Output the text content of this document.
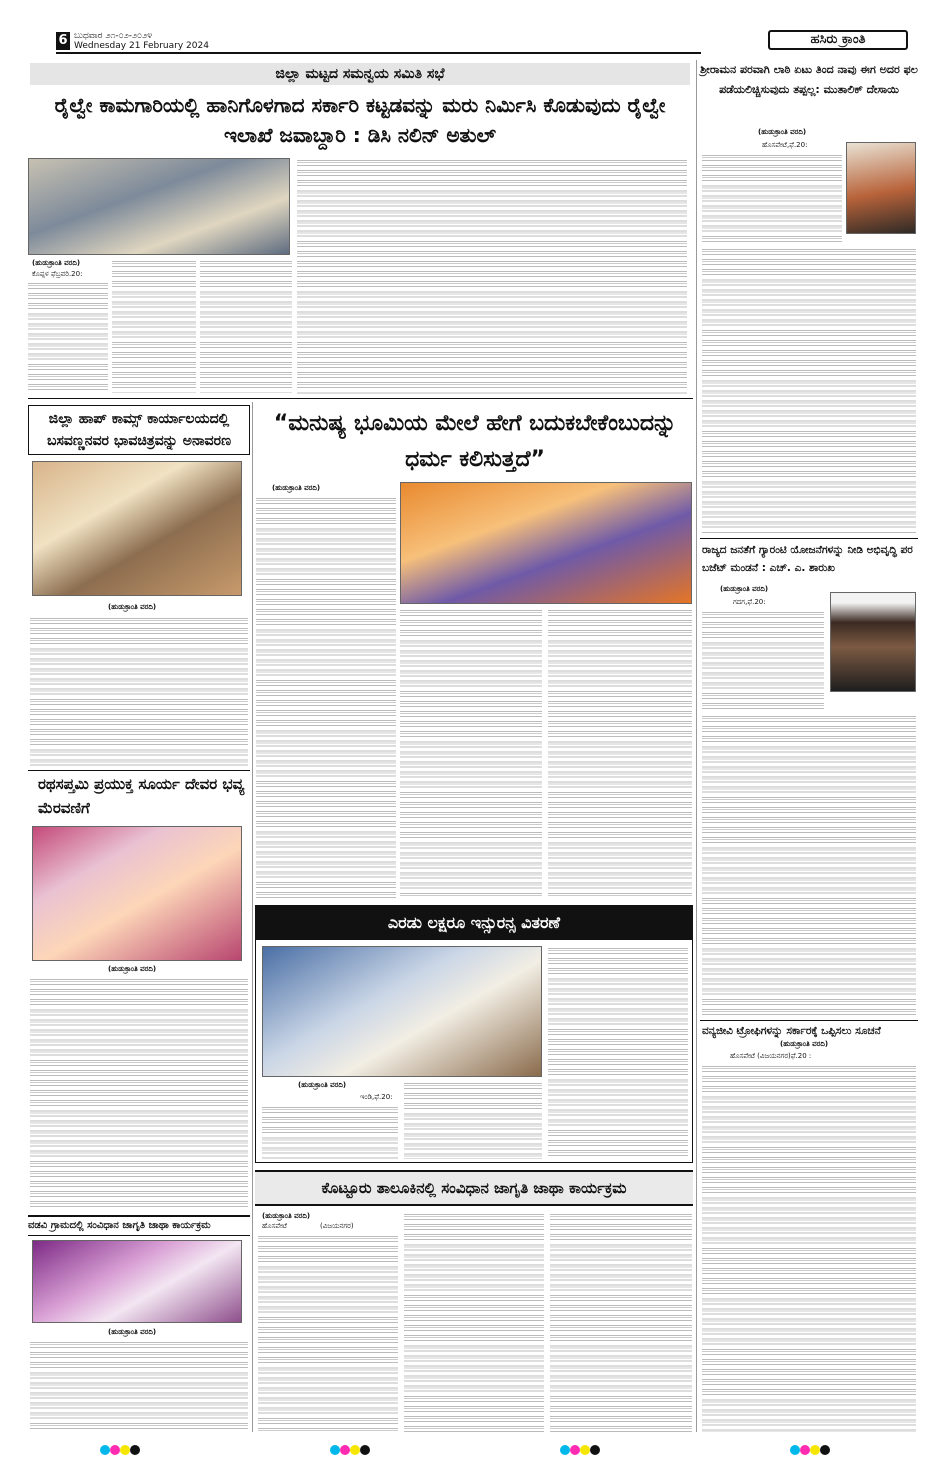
6 ಬುಧವಾರ ೨೧-೦೨-೨೦೨೪
Wednesday 21 February 2024	ಹಸಿರು ಕ್ರಾಂತಿ
ಜಿಲ್ಲಾ ಮಟ್ಟದ ಸಮನ್ವಯ ಸಮಿತಿ ಸಭೆ
ರೈಲ್ವೇ ಕಾಮಗಾರಿಯಲ್ಲಿ ಹಾನಿಗೊಳಗಾದ ಸರ್ಕಾರಿ ಕಟ್ಟಡವನ್ನು ಮರು ನಿರ್ಮಿಸಿ ಕೊಡುವುದು ರೈಲ್ವೇ ಇಲಾಖೆ ಜವಾಬ್ದಾರಿ : ಡಿಸಿ ನಲಿನ್ ಅತುಲ್
(ಹುಡುಕ್ರಾಂತಿ ವರದಿ)
ಕೊಪ್ಪಳ ಫೆಬ್ರವರಿ.20:
ಜಿಲ್ಲಾ ಹಾಪ್ ಕಾಮ್ಸ್ ಕಾರ್ಯಾಲಯದಲ್ಲಿ ಬಸವಣ್ಣನವರ ಭಾವಚಿತ್ರವನ್ನು ಅನಾವರಣ
(ಹುಡುಕ್ರಾಂತಿ ವರದಿ)
ರಥಸಪ್ತಮಿ ಪ್ರಯುಕ್ತ ಸೂರ್ಯ ದೇವರ ಭವ್ಯ ಮೆರವಣಿಗೆ
(ಹುಡುಕ್ರಾಂತಿ ವರದಿ)
ವಡವಿ ಗ್ರಾಮದಲ್ಲಿ ಸಂವಿಧಾನ ಜಾಗೃತಿ ಜಾಥಾ ಕಾರ್ಯಕ್ರಮ
(ಹುಡುಕ್ರಾಂತಿ ವರದಿ)
“ಮನುಷ್ಯ ಭೂಮಿಯ ಮೇಲೆ ಹೇಗೆ ಬದುಕಬೇಕೆಂಬುದನ್ನು ಧರ್ಮ ಕಲಿಸುತ್ತದೆ”
(ಹುಡುಕ್ರಾಂತಿ ವರದಿ)
ಎರಡು ಲಕ್ಷರೂ ಇನ್ಸುರನ್ಸ ವಿತರಣೆ
(ಹುಡುಕ್ರಾಂತಿ ವರದಿ)
ಇಂಡಿ,ಫೆ.20:
ಕೊಟ್ಟೂರು ತಾಲೂಕಿನಲ್ಲಿ ಸಂವಿಧಾನ ಜಾಗೃತಿ ಜಾಥಾ ಕಾರ್ಯಕ್ರಮ
(ಹುಡುಕ್ರಾಂತಿ ವರದಿ)
ಹೊಸಪೇಟೆ	(ವಿಜಯನಗರ)
ಶ್ರೀರಾಮನ ಪರವಾಗಿ ಲಾಠಿ ಏಟು ತಿಂದ ನಾವು ಈಗ ಅದರ ಫಲ ಪಡೆಯಲಿಚ್ಚಿಸುವುದು ತಪ್ಪಲ್ಲ: ಮುತಾಲಿಕ್ ದೇಸಾಯಿ
(ಹುಡುಕ್ರಾಂತಿ ವರದಿ)
ಹೊಸಪೇಟೆ,ಫೆ.20:
ರಾಜ್ಯದ ಜನತೆಗೆ ಗ್ಯಾರಂಟಿ ಯೋಜನೆಗಳನ್ನು ನೀಡಿ ಅಭಿವೃದ್ಧಿ ಪರ ಬಜೆಟ್ ಮಂಡನೆ : ಎಚ್. ಎ. ಶಾರುಖ
(ಹುಡುಕ್ರಾಂತಿ ವರದಿ)
ಗದಗ,ಫೆ.20:
ವನ್ಯಜೀವಿ ಟ್ರೋಫಿಗಳನ್ನು ಸರ್ಕಾರಕ್ಕೆ ಒಪ್ಪಿಸಲು ಸೂಚನೆ
(ಹುಡುಕ್ರಾಂತಿ ವರದಿ)
ಹೊಸಪೇಟೆ (ವಿಜಯನಗರ)ಫೆ.20 :
